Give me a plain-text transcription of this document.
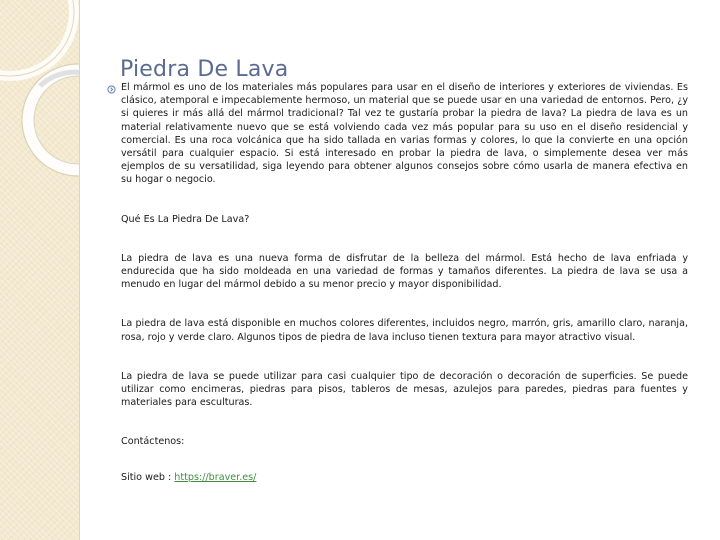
Piedra De Lava

El mármol es uno de los materiales más populares para usar en el diseño de interiores y exteriores de viviendas. Es clásico, atemporal e impecablemente hermoso, un material que se puede usar en una variedad de entornos. Pero, ¿y si quieres ir más allá del mármol tradicional? Tal vez te gustaría probar la piedra de lava? La piedra de lava es un material relativamente nuevo que se está volviendo cada vez más popular para su uso en el diseño residencial y comercial. Es una roca volcánica que ha sido tallada en varias formas y colores, lo que la convierte en una opción versátil para cualquier espacio. Si está interesado en probar la piedra de lava, o simplemente desea ver más ejemplos de su versatilidad, siga leyendo para obtener algunos consejos sobre cómo usarla de manera efectiva en su hogar o negocio.

Qué Es La Piedra De Lava?

La piedra de lava es una nueva forma de disfrutar de la belleza del mármol. Está hecho de lava enfriada y endurecida que ha sido moldeada en una variedad de formas y tamaños diferentes. La piedra de lava se usa a menudo en lugar del mármol debido a su menor precio y mayor disponibilidad.

La piedra de lava está disponible en muchos colores diferentes, incluidos negro, marrón, gris, amarillo claro, naranja, rosa, rojo y verde claro. Algunos tipos de piedra de lava incluso tienen textura para mayor atractivo visual.

La piedra de lava se puede utilizar para casi cualquier tipo de decoración o decoración de superficies. Se puede utilizar como encimeras, piedras para pisos, tableros de mesas, azulejos para paredes, piedras para fuentes y materiales para esculturas.

Contáctenos:

Sitio web : https://braver.es/
